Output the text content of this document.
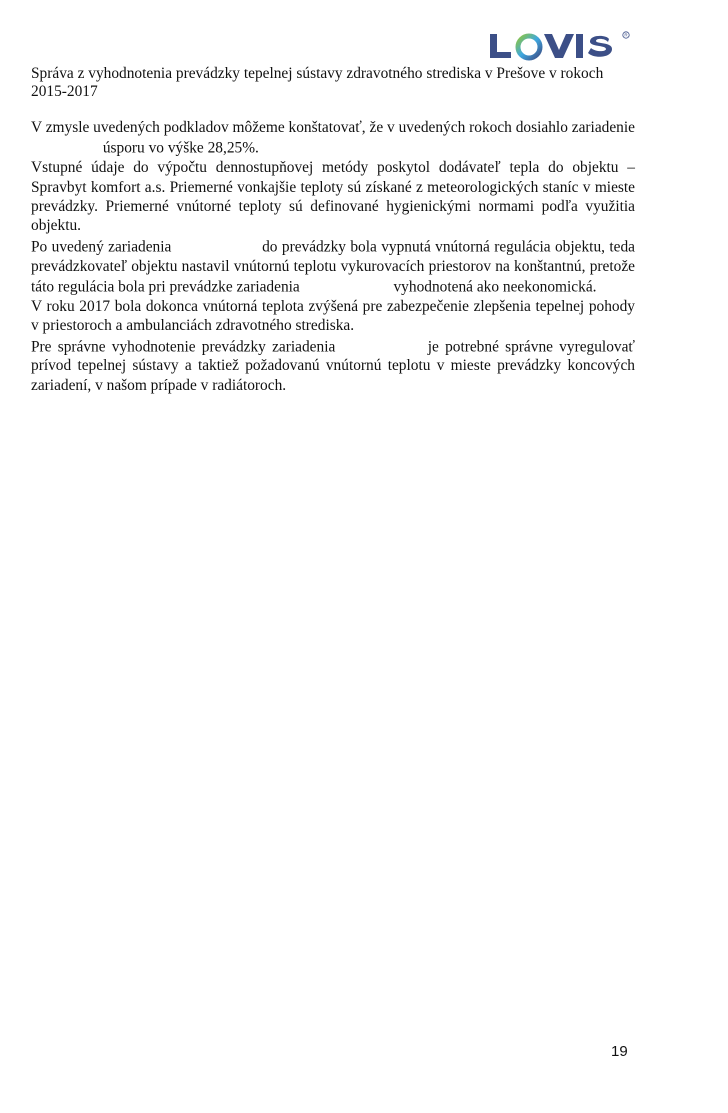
R
Správa z vyhodnotenia prevádzky tepelnej sústavy zdravotného strediska v Prešove v rokoch 2015-2017

V zmysle uvedených podkladov môžeme konštatovať, že v uvedených rokoch dosiahlo zariadenie  úsporu vo výške 28,25%.

Vstupné údaje do výpočtu dennostupňovej metódy poskytol dodávateľ tepla do objektu – Spravbyt komfort a.s. Priemerné vonkajšie teploty sú získané z meteorologických staníc v mieste prevádzky. Priemerné vnútorné teploty sú definované hygienickými normami podľa využitia objektu.

Po uvedený zariadenia	do prevádzky bola vypnutá vnútorná regulácia objektu, teda prevádzkovateľ objektu nastavil vnútornú teplotu vykurovacích priestorov na konštantnú, pretože táto regulácia bola pri prevádzke zariadenia	vyhodnotená ako neekonomická.

V roku 2017 bola dokonca vnútorná teplota zvýšená pre zabezpečenie zlepšenia tepelnej pohody v priestoroch a ambulanciách zdravotného strediska.

Pre správne vyhodnotenie prevádzky zariadenia	je potrebné správne vyregulovať prívod tepelnej sústavy a taktiež požadovanú vnútornú teplotu v mieste prevádzky koncových zariadení, v našom prípade v radiátoroch.

19
